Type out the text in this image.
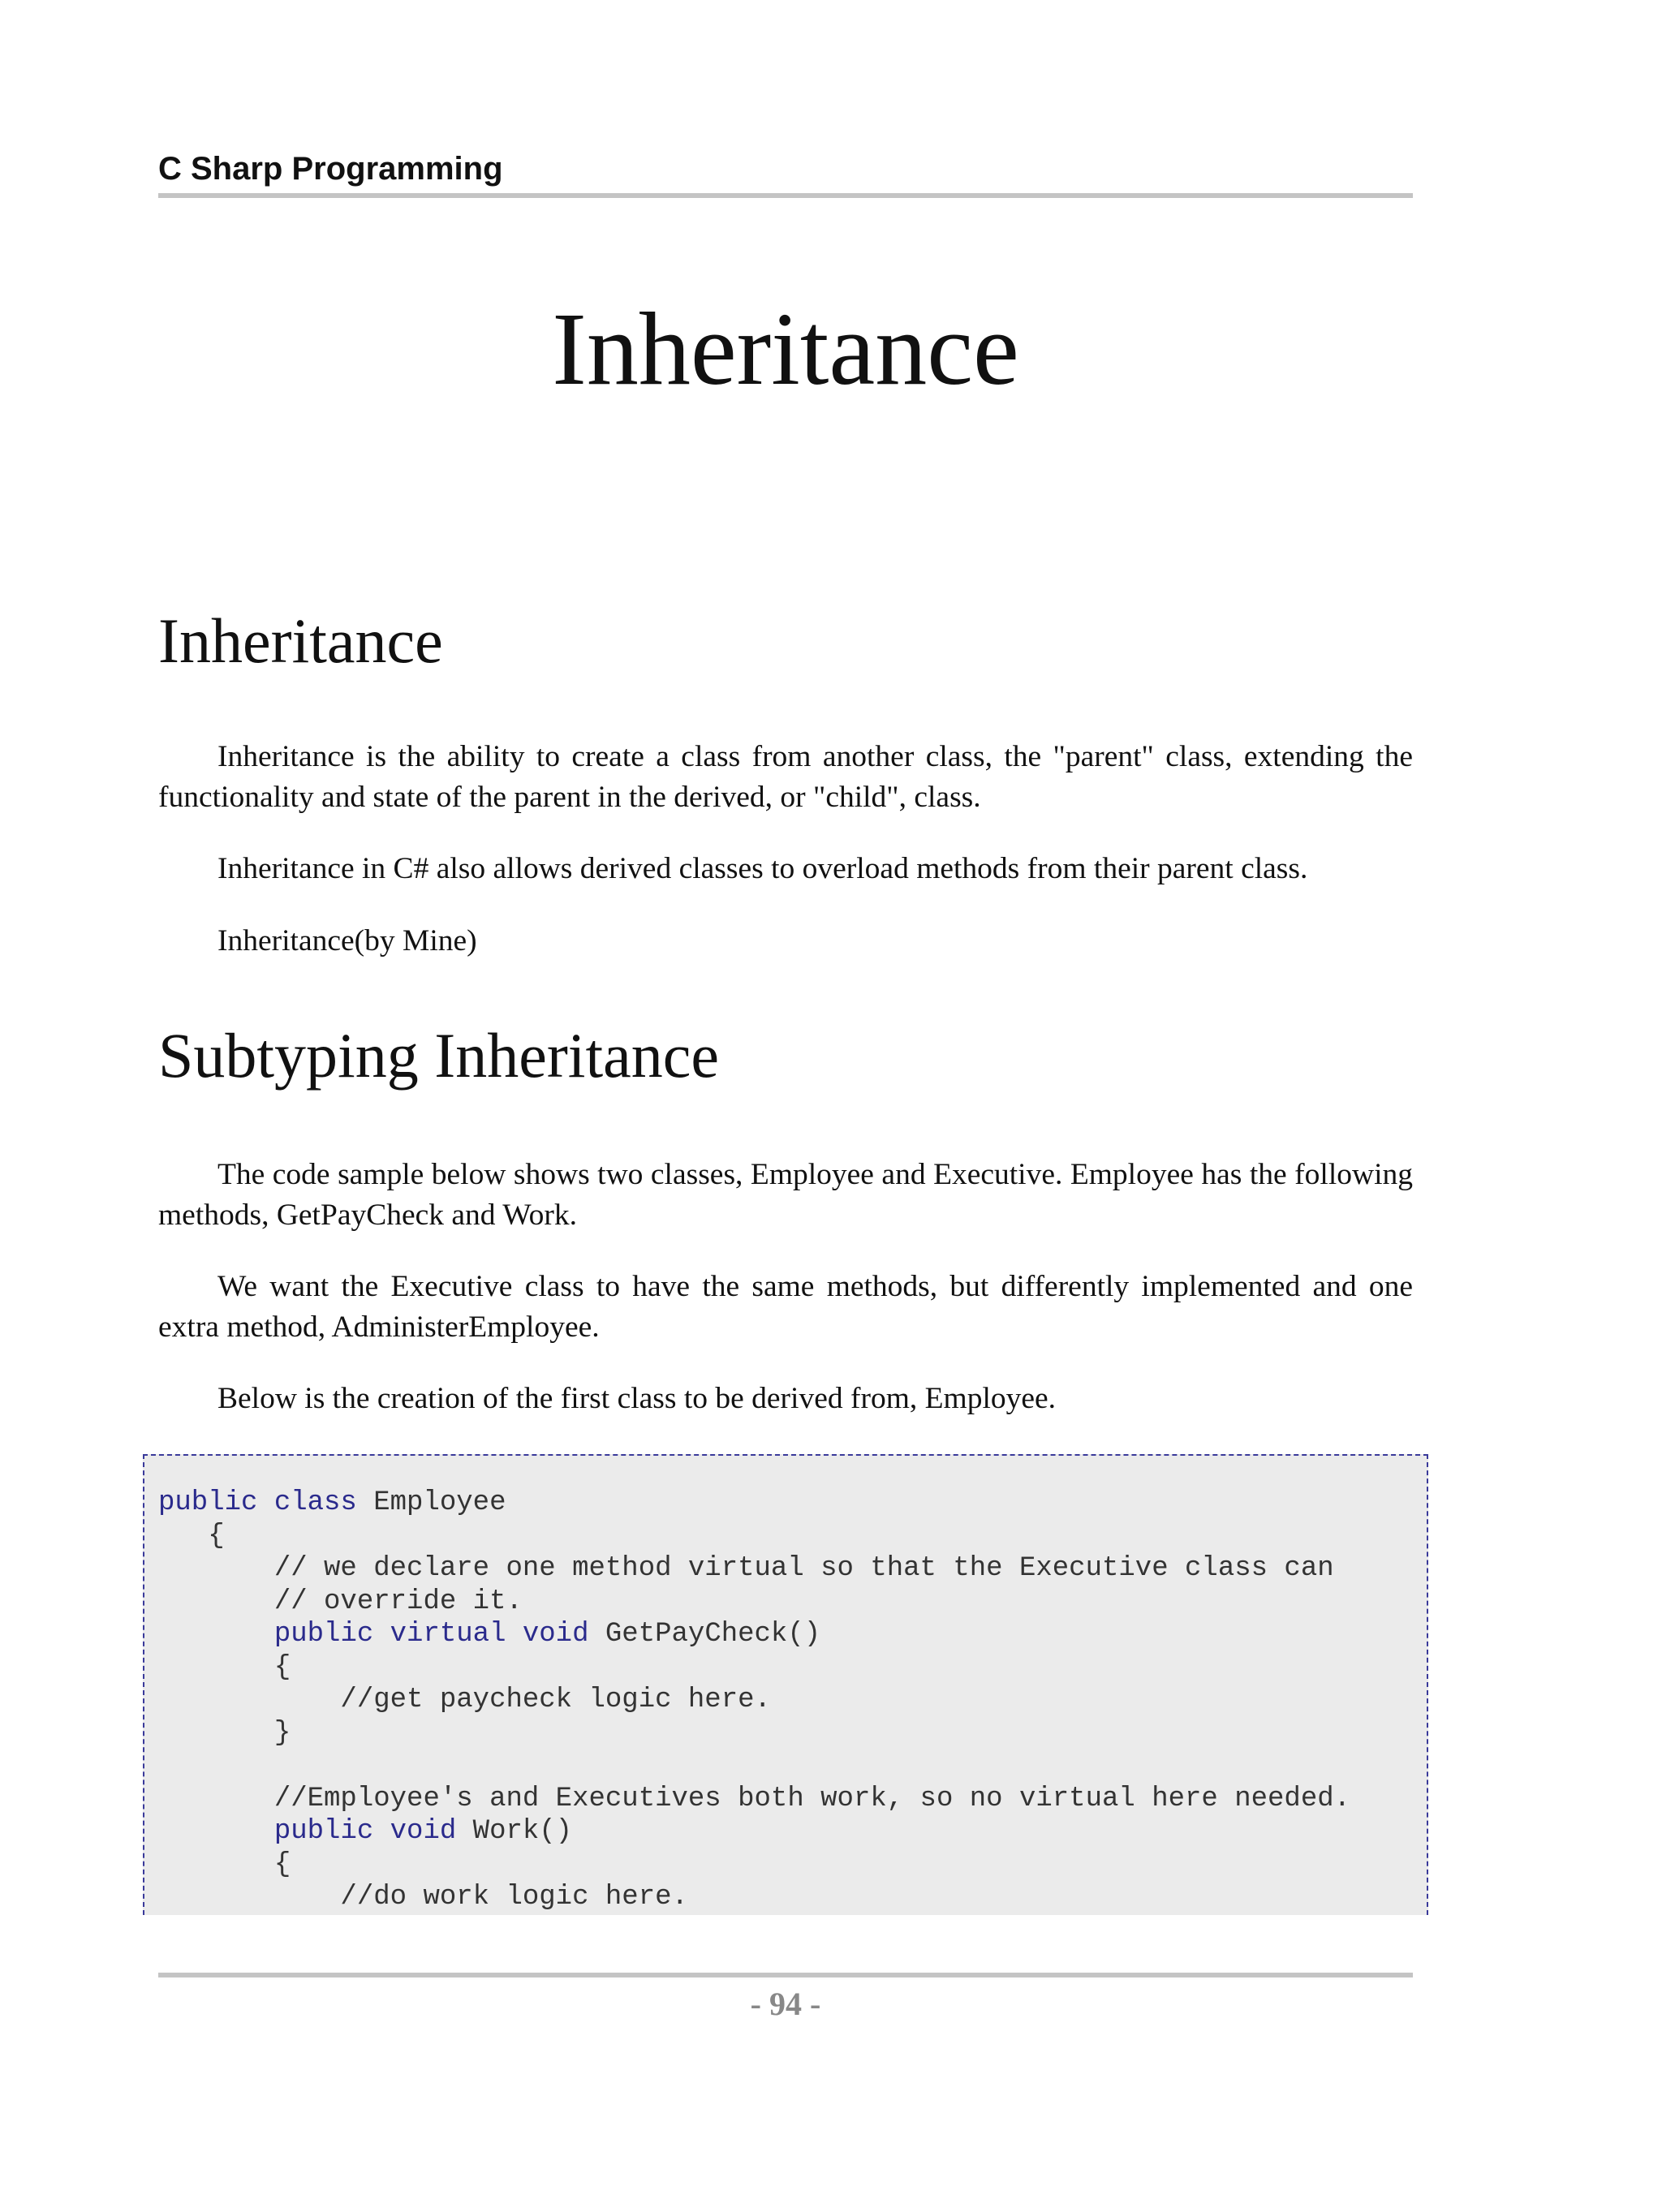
C Sharp Programming
Inheritance
Inheritance
Inheritance is the ability to create a class from another class, the "parent" class, extending the functionality and state of the parent in the derived, or "child", class.
Inheritance in C# also allows derived classes to overload methods from their parent class.
Inheritance(by Mine)
Subtyping Inheritance
The code sample below shows two classes, Employee and Executive. Employee has the following methods, GetPayCheck and Work.
We want the Executive class to have the same methods, but differently implemented and one extra method, AdministerEmployee.
Below is the creation of the first class to be derived from, Employee.
public class Employee
{
// we declare one method virtual so that the Executive class can
// override it.
public virtual void GetPayCheck()
{
//get paycheck logic here.
}

//Employee's and Executives both work, so no virtual here needed.
public void Work()
{
//do work logic here.
- 94 -
